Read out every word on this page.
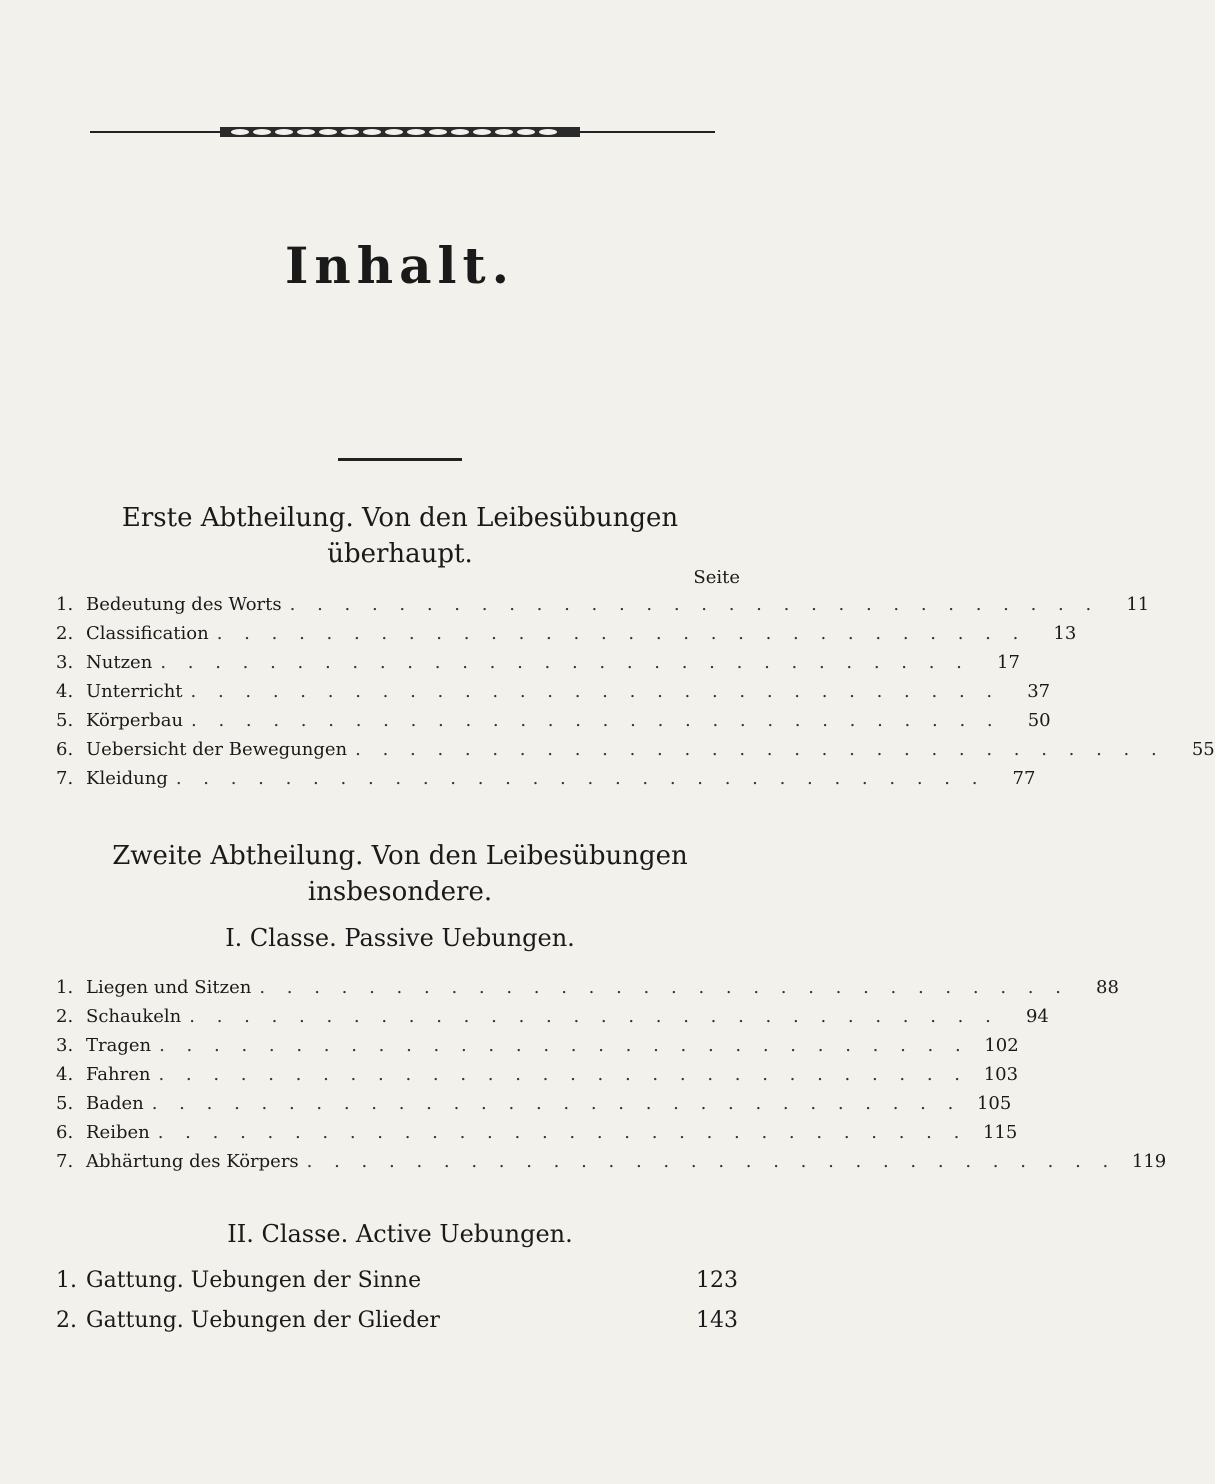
Inhalt.
Erste Abtheilung. Von den Leibesübungen
überhaupt.
Seite
1. Bedeutung des Worts . . . . . . . . . . . . . . . . . . . . . . . . . . . . . .	11
2. Classification . . . . . . . . . . . . . . . . . . . . . . . . . . . . . .	13
3. Nutzen . . . . . . . . . . . . . . . . . . . . . . . . . . . . . .	17
4. Unterricht . . . . . . . . . . . . . . . . . . . . . . . . . . . . . .	37
5. Körperbau . . . . . . . . . . . . . . . . . . . . . . . . . . . . . .	50
6. Uebersicht der Bewegungen . . . . . . . . . . . . . . . . . . . . . . . . . . . . . .	55
7. Kleidung . . . . . . . . . . . . . . . . . . . . . . . . . . . . . .	77
Zweite Abtheilung. Von den Leibesübungen
insbesondere.
I. Classe. Passive Uebungen.
1. Liegen und Sitzen . . . . . . . . . . . . . . . . . . . . . . . . . . . . . .	88
2. Schaukeln . . . . . . . . . . . . . . . . . . . . . . . . . . . . . .	94
3. Tragen . . . . . . . . . . . . . . . . . . . . . . . . . . . . . . 102
4. Fahren . . . . . . . . . . . . . . . . . . . . . . . . . . . . . . 103
5. Baden . . . . . . . . . . . . . . . . . . . . . . . . . . . . . . 105
6. Reiben . . . . . . . . . . . . . . . . . . . . . . . . . . . . . . 115
7. Abhärtung des Körpers . . . . . . . . . . . . . . . . . . . . . . . . . . . . . . 119
II. Classe. Active Uebungen.
1. Gattung. Uebungen der Sinne	123
2. Gattung. Uebungen der Glieder	143
